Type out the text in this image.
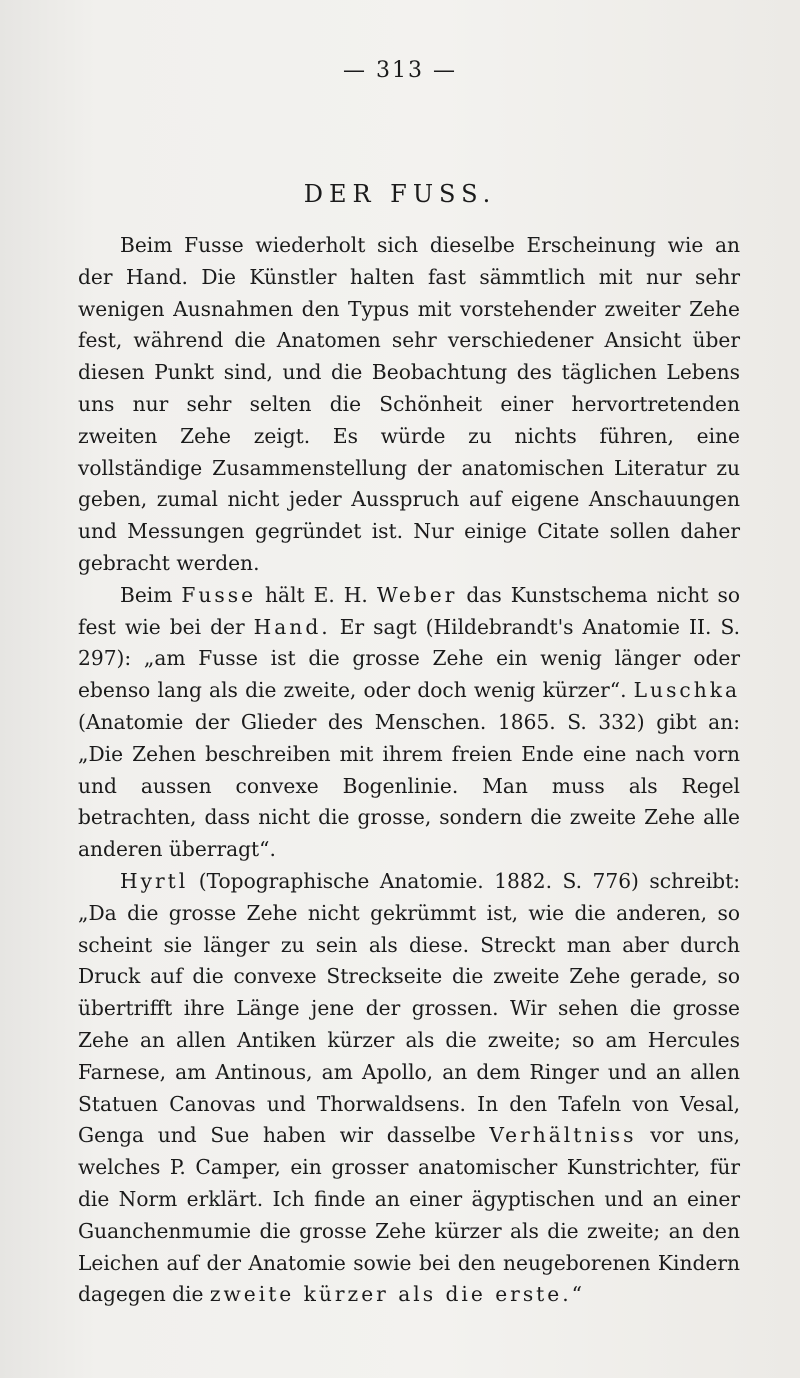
— 313 —
DER FUSS.

Beim Fusse wiederholt sich dieselbe Erscheinung wie an der Hand. Die Künstler halten fast sämmtlich mit nur sehr wenigen Ausnahmen den Typus mit vorstehender zweiter Zehe fest, während die Anatomen sehr verschiedener Ansicht über diesen Punkt sind, und die Beobachtung des täglichen Lebens uns nur sehr selten die Schönheit einer hervortretenden zweiten Zehe zeigt. Es würde zu nichts führen, eine vollständige Zusammenstellung der anatomischen Literatur zu geben, zumal nicht jeder Ausspruch auf eigene Anschauungen und Messungen gegründet ist. Nur einige Citate sollen daher gebracht werden.

Beim Fusse hält E. H. Weber das Kunstschema nicht so fest wie bei der Hand. Er sagt (Hildebrandt's Anatomie II. S. 297): „am Fusse ist die grosse Zehe ein wenig länger oder ebenso lang als die zweite, oder doch wenig kürzer“. Luschka (Anatomie der Glieder des Menschen. 1865. S. 332) gibt an: „Die Zehen beschreiben mit ihrem freien Ende eine nach vorn und aussen convexe Bogenlinie. Man muss als Regel betrachten, dass nicht die grosse, sondern die zweite Zehe alle anderen überragt“.

Hyrtl (Topographische Anatomie. 1882. S. 776) schreibt: „Da die grosse Zehe nicht gekrümmt ist, wie die anderen, so scheint sie länger zu sein als diese. Streckt man aber durch Druck auf die convexe Streckseite die zweite Zehe gerade, so übertrifft ihre Länge jene der grossen. Wir sehen die grosse Zehe an allen Antiken kürzer als die zweite; so am Hercules Farnese, am Antinous, am Apollo, an dem Ringer und an allen Statuen Canovas und Thorwaldsens. In den Tafeln von Vesal, Genga und Sue haben wir dasselbe Verhältniss vor uns, welches P. Camper, ein grosser anatomischer Kunstrichter, für die Norm erklärt. Ich finde an einer ägyptischen und an einer Guanchenmumie die grosse Zehe kürzer als die zweite; an den Leichen auf der Anatomie sowie bei den neugeborenen Kindern dagegen die zweite kürzer als die erste.“
